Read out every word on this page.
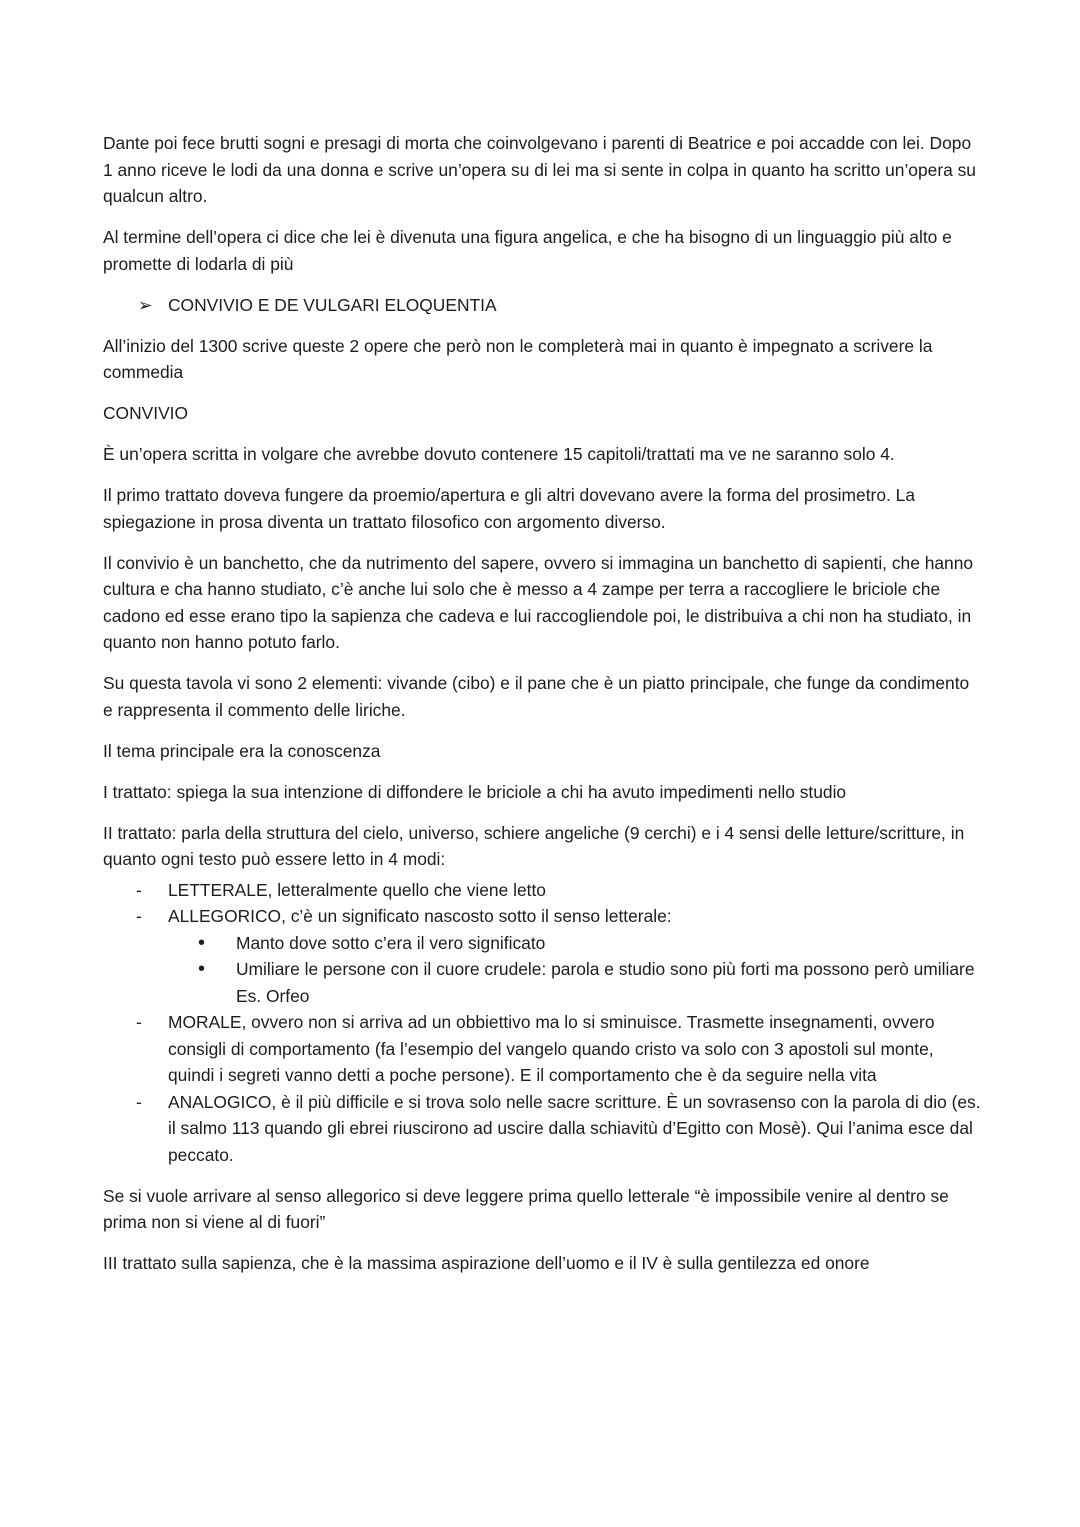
Dante poi fece brutti sogni e presagi di morta che coinvolgevano i parenti di Beatrice e poi accadde con lei. Dopo 1 anno riceve le lodi da una donna e scrive un’opera su di lei ma si sente in colpa in quanto ha scritto un’opera su qualcun altro.

Al termine dell’opera ci dice che lei è divenuta una figura angelica, e che ha bisogno di un linguaggio più alto e promette di lodarla di più

➢ CONVIVIO E DE VULGARI ELOQUENTIA

All’inizio del 1300 scrive queste 2 opere che però non le completerà mai in quanto è impegnato a scrivere la commedia

CONVIVIO

È un’opera scritta in volgare che avrebbe dovuto contenere 15 capitoli/trattati ma ve ne saranno solo 4.

Il primo trattato doveva fungere da proemio/apertura e gli altri dovevano avere la forma del prosimetro. La spiegazione in prosa diventa un trattato filosofico con argomento diverso.

Il convivio è un banchetto, che da nutrimento del sapere, ovvero si immagina un banchetto di sapienti, che hanno cultura e cha hanno studiato, c’è anche lui solo che è messo a 4 zampe per terra a raccogliere le briciole che cadono ed esse erano tipo la sapienza che cadeva e lui raccogliendole poi, le distribuiva a chi non ha studiato, in quanto non hanno potuto farlo.

Su questa tavola vi sono 2 elementi: vivande (cibo) e il pane che è un piatto principale, che funge da condimento e rappresenta il commento delle liriche.

Il tema principale era la conoscenza

I trattato: spiega la sua intenzione di diffondere le briciole a chi ha avuto impedimenti nello studio

II trattato: parla della struttura del cielo, universo, schiere angeliche (9 cerchi) e i 4 sensi delle letture/scritture, in quanto ogni testo può essere letto in 4 modi:

- LETTERALE, letteralmente quello che viene letto
- ALLEGORICO, c’è un significato nascosto sotto il senso letterale:
• Manto dove sotto c’era il vero significato
• Umiliare le persone con il cuore crudele: parola e studio sono più forti ma possono però umiliare
Es. Orfeo
- MORALE, ovvero non si arriva ad un obbiettivo ma lo si sminuisce. Trasmette insegnamenti, ovvero consigli di comportamento (fa l’esempio del vangelo quando cristo va solo con 3 apostoli sul monte, quindi i segreti vanno detti a poche persone). E il comportamento che è da seguire nella vita
- ANALOGICO, è il più difficile e si trova solo nelle sacre scritture. È un sovrasenso con la parola di dio (es. il salmo 113 quando gli ebrei riuscirono ad uscire dalla schiavitù d’Egitto con Mosè). Qui l’anima esce dal peccato.

Se si vuole arrivare al senso allegorico si deve leggere prima quello letterale “è impossibile venire al dentro se prima non si viene al di fuori”

III trattato sulla sapienza, che è la massima aspirazione dell’uomo e il IV è sulla gentilezza ed onore
